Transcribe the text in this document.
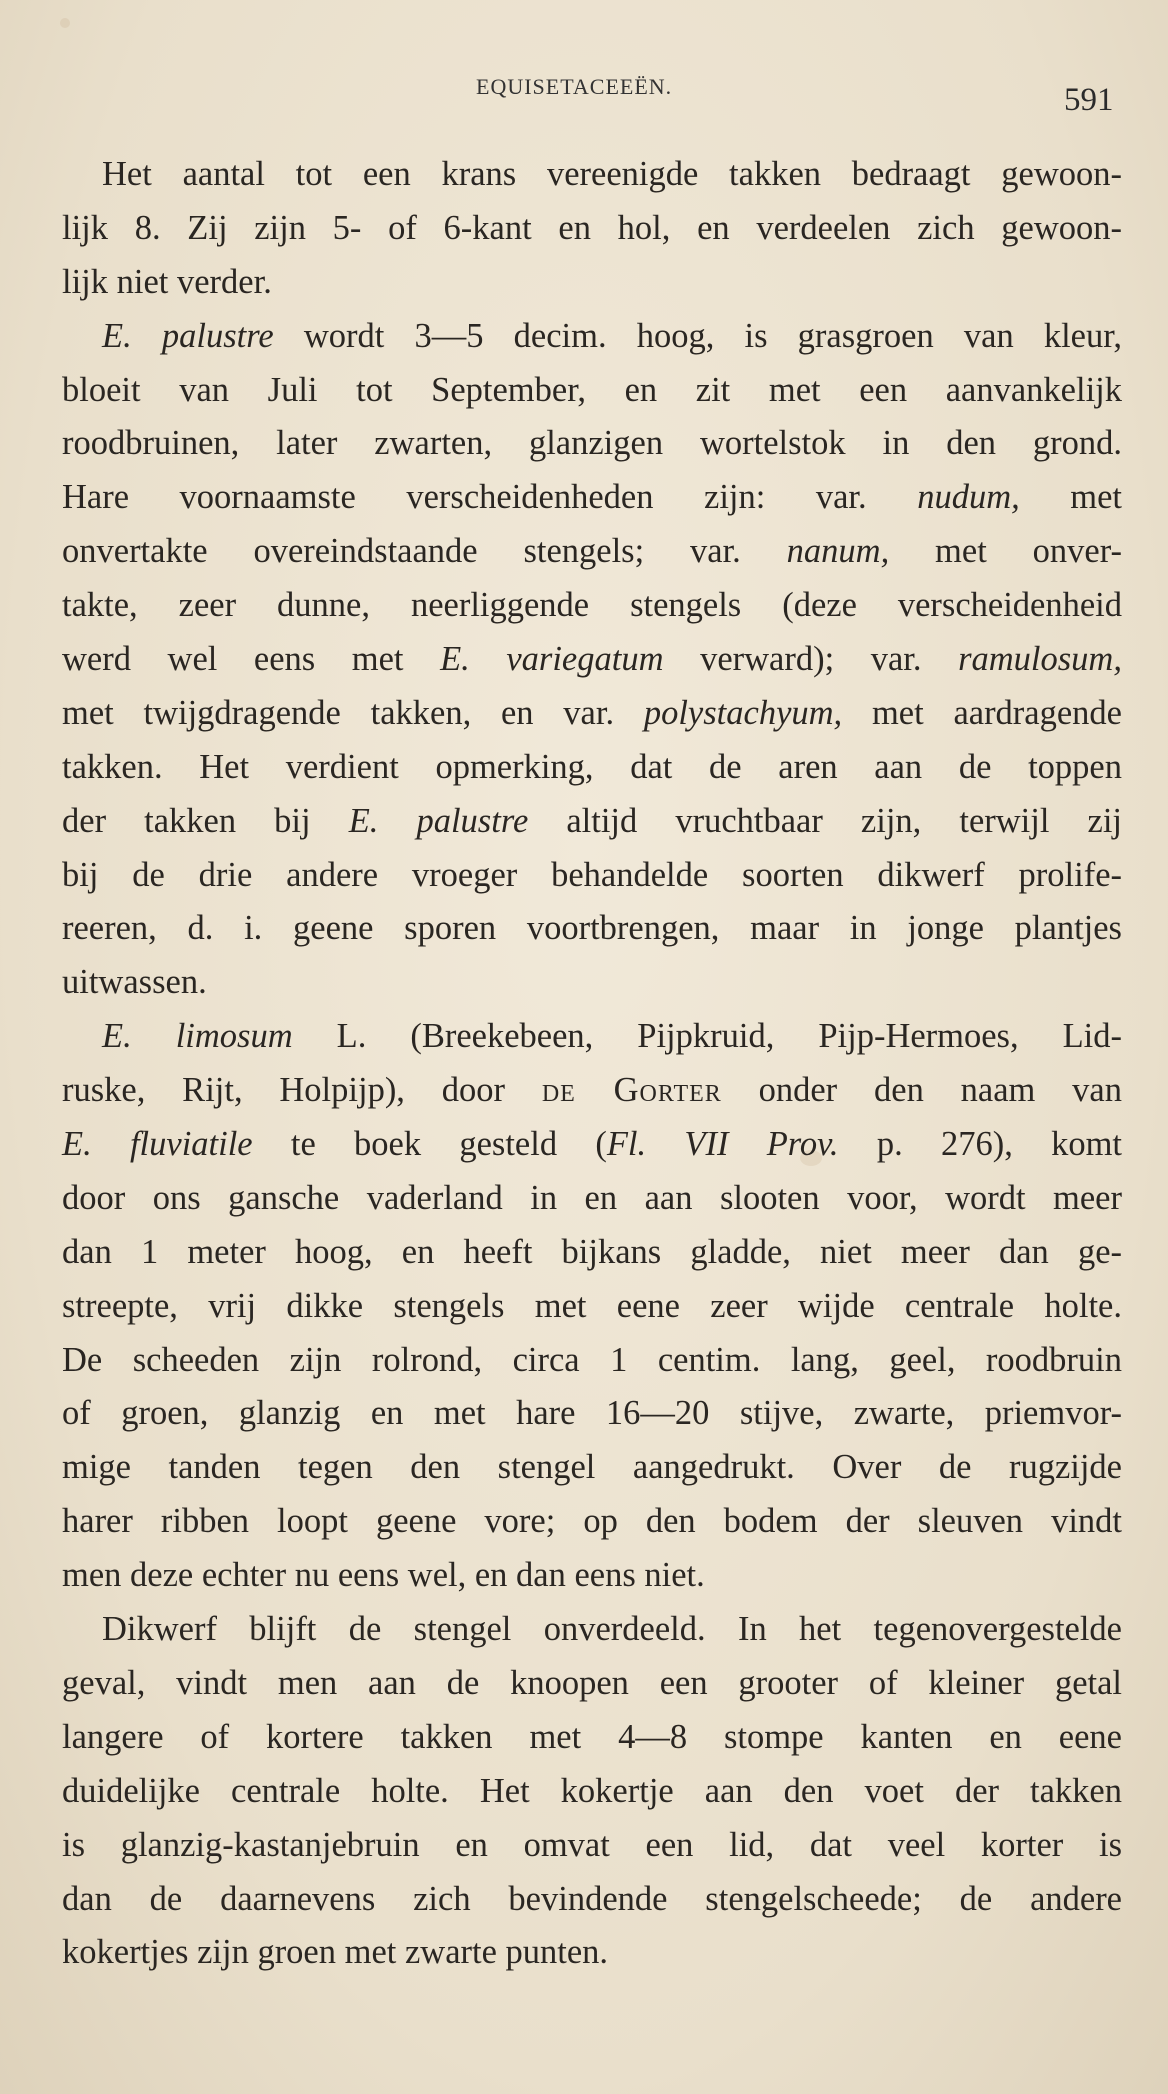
EQUISETACEEËN.	591
Het aantal tot een krans vereenigde takken bedraagt gewoon-
lijk 8. Zij zijn 5- of 6-kant en hol, en verdeelen zich gewoon-
lijk niet verder.
E. palustre wordt 3—5 decim. hoog, is grasgroen van kleur,
bloeit van Juli tot September, en zit met een aanvankelijk
roodbruinen, later zwarten, glanzigen wortelstok in den grond.
Hare voornaamste verscheidenheden zijn: var. nudum, met
onvertakte overeindstaande stengels; var. nanum, met onver-
takte, zeer dunne, neerliggende stengels (deze verscheidenheid
werd wel eens met E. variegatum verward); var. ramulosum,
met twijgdragende takken, en var. polystachyum, met aardragende
takken. Het verdient opmerking, dat de aren aan de toppen
der takken bij E. palustre altijd vruchtbaar zijn, terwijl zij
bij de drie andere vroeger behandelde soorten dikwerf prolife-
reeren, d. i. geene sporen voortbrengen, maar in jonge plantjes
uitwassen.
E. limosum L. (Breekebeen, Pijpkruid, Pijp-Hermoes, Lid-
ruske, Rijt, Holpijp), door de Gorter onder den naam van
E. fluviatile te boek gesteld (Fl. VII Prov. p. 276), komt
door ons gansche vaderland in en aan slooten voor, wordt meer
dan 1 meter hoog, en heeft bijkans gladde, niet meer dan ge-
streepte, vrij dikke stengels met eene zeer wijde centrale holte.
De scheeden zijn rolrond, circa 1 centim. lang, geel, roodbruin
of groen, glanzig en met hare 16—20 stijve, zwarte, priemvor-
mige tanden tegen den stengel aangedrukt. Over de rugzijde
harer ribben loopt geene vore; op den bodem der sleuven vindt
men deze echter nu eens wel, en dan eens niet.
Dikwerf blijft de stengel onverdeeld. In het tegenovergestelde
geval, vindt men aan de knoopen een grooter of kleiner getal
langere of kortere takken met 4—8 stompe kanten en eene
duidelijke centrale holte. Het kokertje aan den voet der takken
is glanzig-kastanjebruin en omvat een lid, dat veel korter is
dan de daarnevens zich bevindende stengelscheede; de andere
kokertjes zijn groen met zwarte punten.
